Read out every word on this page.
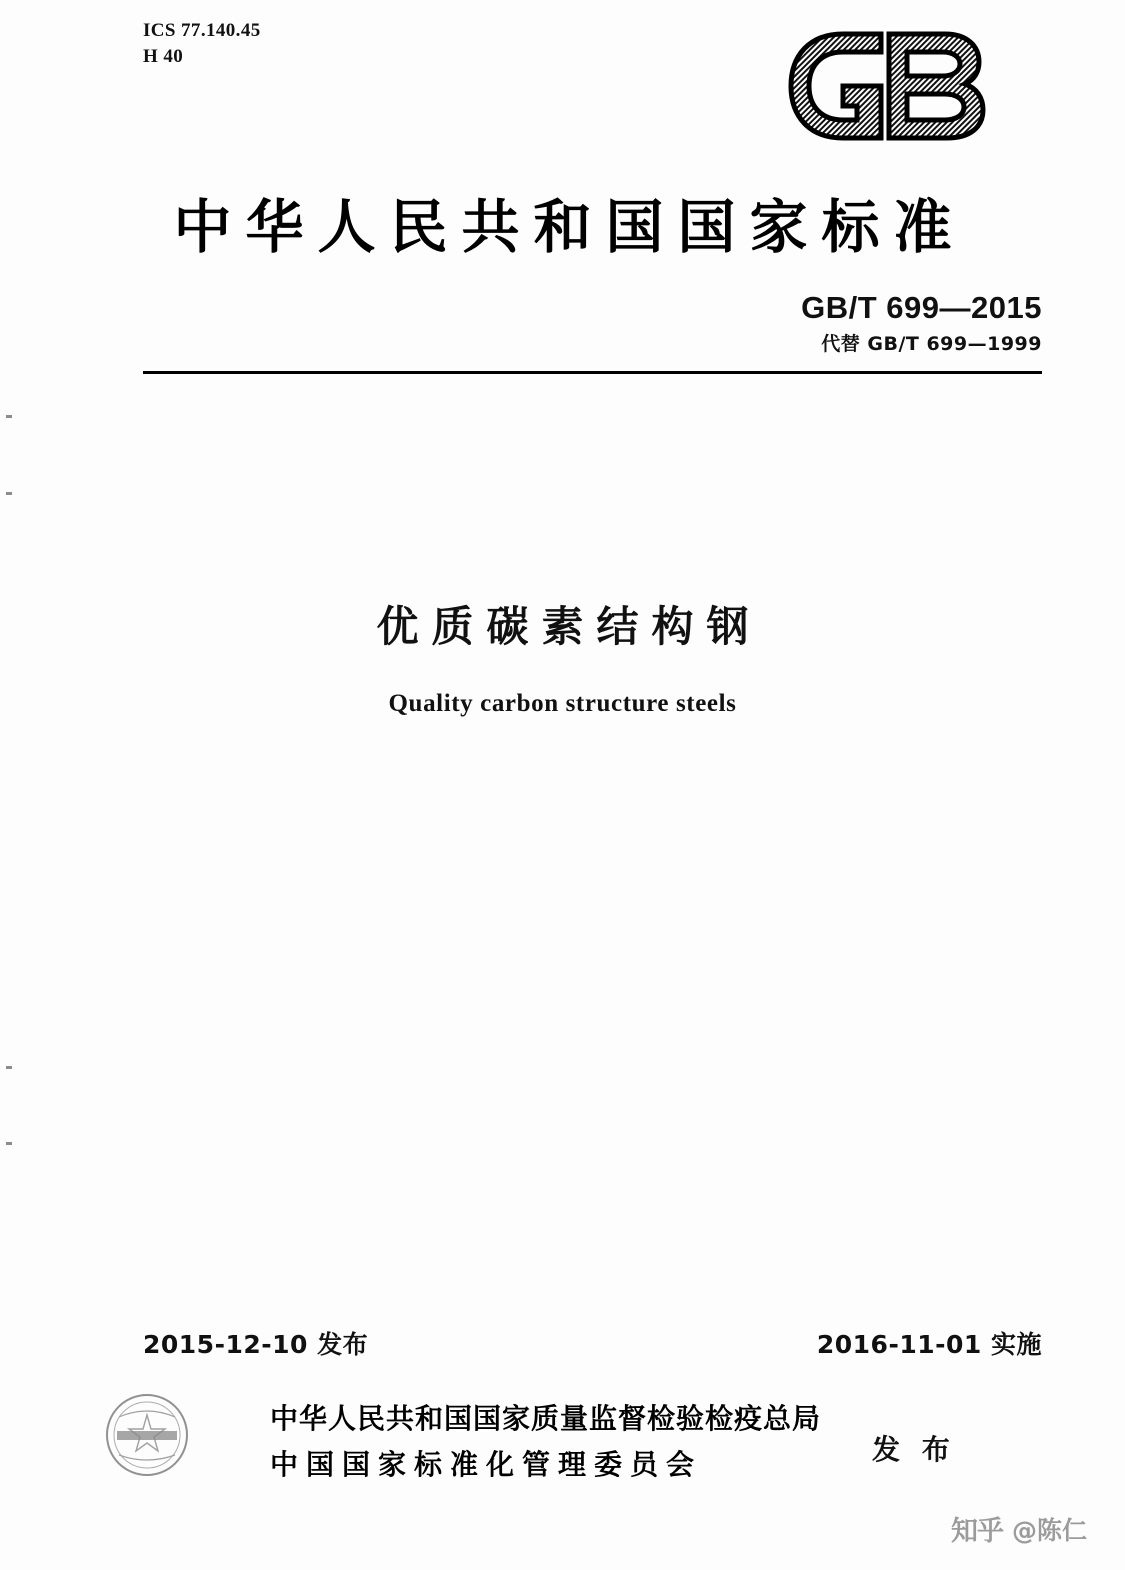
ICS 77.140.45
H 40
中华人民共和国国家标准
GB/T 699—2015
代替 GB/T 699—1999
优质碳素结构钢
Quality carbon structure steels
2015-12-10 发布	2016-11-01 实施
中华人民共和国国家质量监督检验检疫总局
中国国家标准化管理委员会	发 布
知乎 @陈仁
